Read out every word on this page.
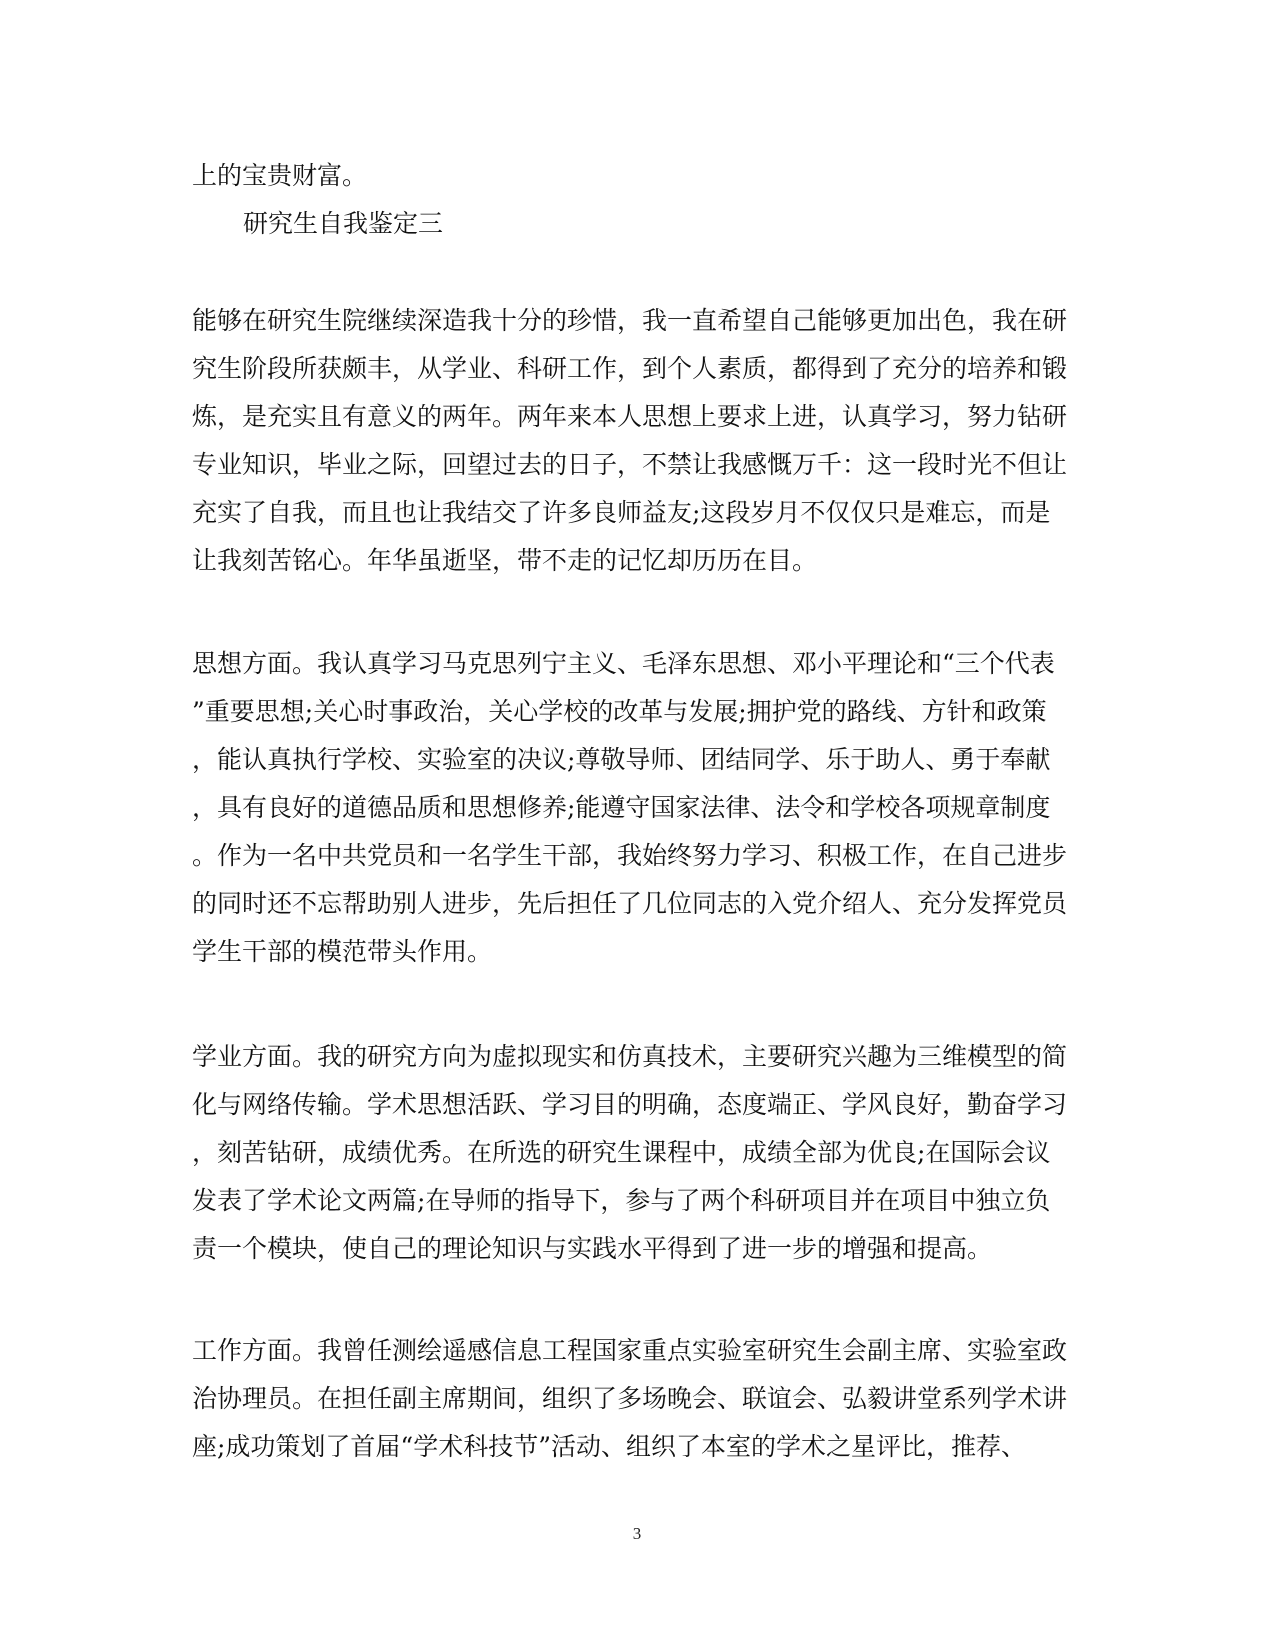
上的宝贵财富。
研究生自我鉴定三
能够在研究生院继续深造我十分的珍惜，我一直希望自己能够更加出色，我在研
究生阶段所获颇丰，从学业、科研工作，到个人素质，都得到了充分的培养和锻
炼，是充实且有意义的两年。两年来本人思想上要求上进，认真学习，努力钻研
专业知识，毕业之际，回望过去的日子，不禁让我感慨万千：这一段时光不但让
充实了自我，而且也让我结交了许多良师益友;这段岁月不仅仅只是难忘，而是
让我刻苦铭心。年华虽逝坚，带不走的记忆却历历在目。
思想方面。我认真学习马克思列宁主义、毛泽东思想、邓小平理论和“三个代表
”重要思想;关心时事政治，关心学校的改革与发展;拥护党的路线、方针和政策
，能认真执行学校、实验室的决议;尊敬导师、团结同学、乐于助人、勇于奉献
，具有良好的道德品质和思想修养;能遵守国家法律、法令和学校各项规章制度
。作为一名中共党员和一名学生干部，我始终努力学习、积极工作，在自己进步
的同时还不忘帮助别人进步，先后担任了几位同志的入党介绍人、充分发挥党员
学生干部的模范带头作用。
学业方面。我的研究方向为虚拟现实和仿真技术，主要研究兴趣为三维模型的简
化与网络传输。学术思想活跃、学习目的明确，态度端正、学风良好，勤奋学习
，刻苦钻研，成绩优秀。在所选的研究生课程中，成绩全部为优良;在国际会议
发表了学术论文两篇;在导师的指导下，参与了两个科研项目并在项目中独立负
责一个模块，使自己的理论知识与实践水平得到了进一步的增强和提高。
工作方面。我曾任测绘遥感信息工程国家重点实验室研究生会副主席、实验室政
治协理员。在担任副主席期间，组织了多场晚会、联谊会、弘毅讲堂系列学术讲
座;成功策划了首届“学术科技节”活动、组织了本室的学术之星评比，推荐、
3
